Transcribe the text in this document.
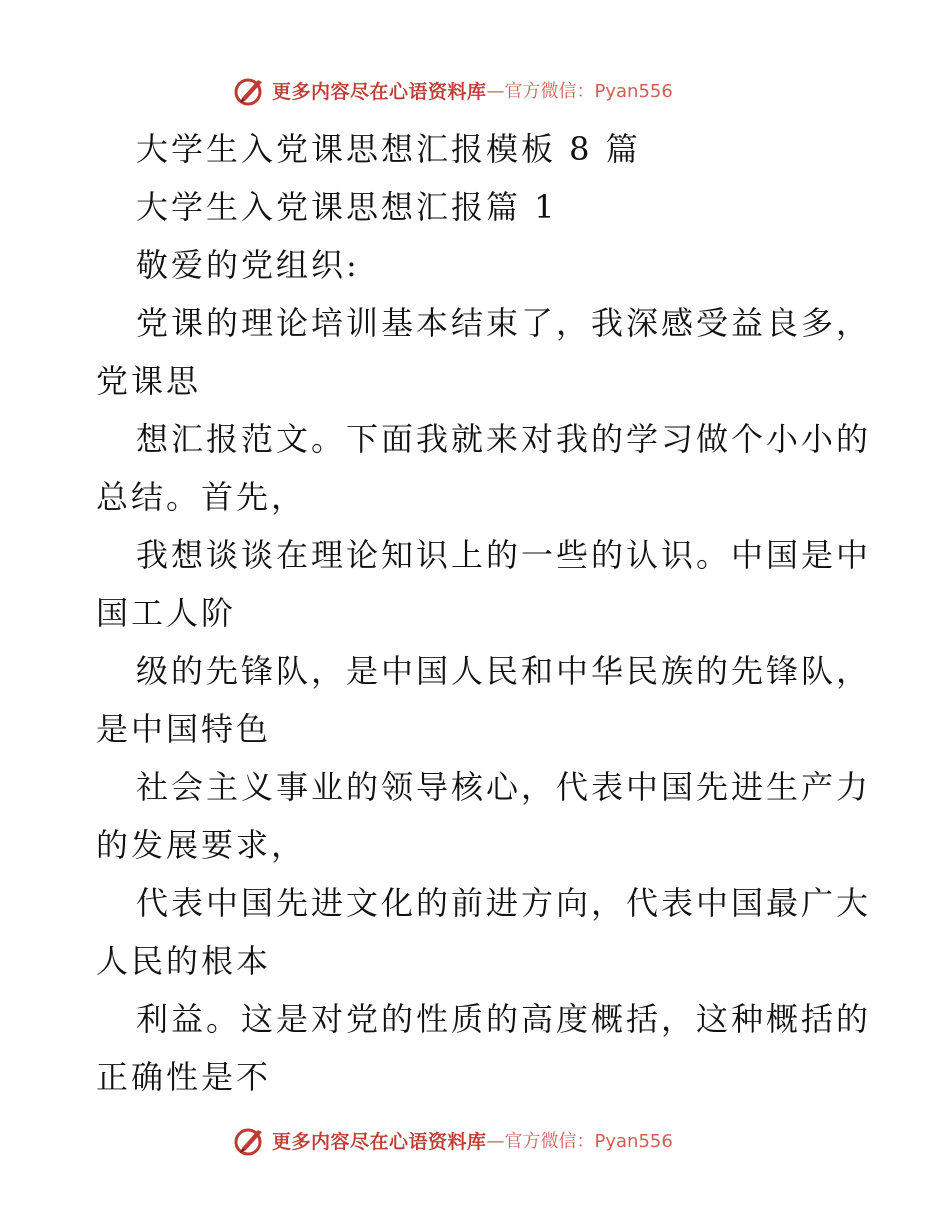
更多内容尽在心语资料库 —官方微信：Pyan556

大学生入党课思想汇报模板 8 篇

大学生入党课思想汇报篇 1

敬爱的党组织:

党课的理论培训基本结束了，我深感受益良多，

党课思

想汇报范文。下面我就来对我的学习做个小小的

总结。首先，

我想谈谈在理论知识上的一些的认识。中国是中

国工人阶

级的先锋队，是中国人民和中华民族的先锋队，

是中国特色

社会主义事业的领导核心，代表中国先进生产力

的发展要求，

代表中国先进文化的前进方向，代表中国最广大

人民的根本

利益。这是对党的性质的高度概括，这种概括的

正确性是不

更多内容尽在心语资料库 —官方微信：Pyan556
